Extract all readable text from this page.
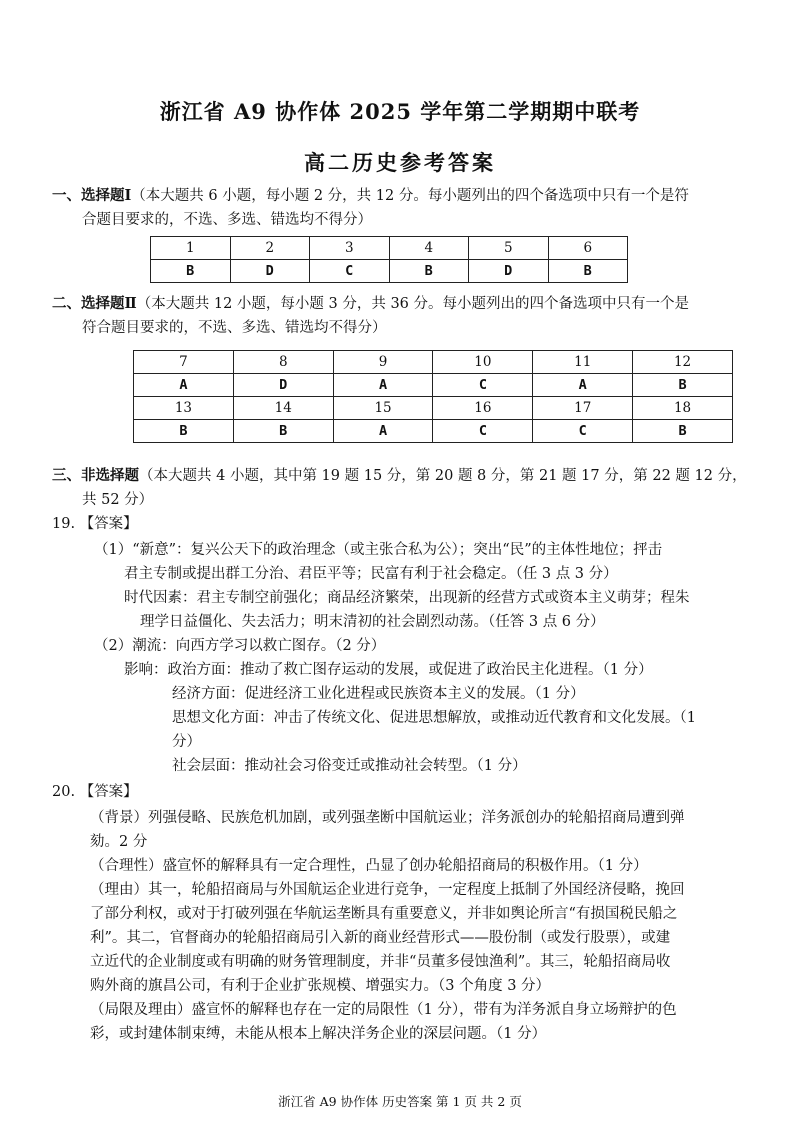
浙江省 A9 协作体 2025 学年第二学期期中联考
高二历史参考答案
一、选择题Ⅰ（本大题共 6 小题，每小题 2 分，共 12 分。每小题列出的四个备选项中只有一个是符
合题目要求的，不选、多选、错选均不得分）
1	2	3	4	5	6
B	D	C	B	D	B
二、选择题Ⅱ（本大题共 12 小题，每小题 3 分，共 36 分。每小题列出的四个备选项中只有一个是
符合题目要求的，不选、多选、错选均不得分）
7	8	9	10	11	12
A	D	A	C	A	B
13	14	15	16	17	18
B	B	A	C	C	B
三、非选择题（本大题共 4 小题，其中第 19 题 15 分，第 20 题 8 分，第 21 题 17 分，第 22 题 12 分，
共 52 分）
19. 【答案】
（1）“新意”：复兴公天下的政治理念（或主张合私为公）；突出“民”的主体性地位；抨击
君主专制或提出群工分治、君臣平等；民富有利于社会稳定。（任 3 点 3 分）
时代因素：君主专制空前强化；商品经济繁荣，出现新的经营方式或资本主义萌芽；程朱
理学日益僵化、失去活力；明末清初的社会剧烈动荡。（任答 3 点 6 分）
（2）潮流：向西方学习以救亡图存。（2 分）
影响：政治方面：推动了救亡图存运动的发展，或促进了政治民主化进程。（1 分）
经济方面：促进经济工业化进程或民族资本主义的发展。（1 分）
思想文化方面：冲击了传统文化、促进思想解放，或推动近代教育和文化发展。（1
分）
社会层面：推动社会习俗变迁或推动社会转型。（1 分）
20. 【答案】
（背景）列强侵略、民族危机加剧，或列强垄断中国航运业；洋务派创办的轮船招商局遭到弹
劾。2 分
（合理性）盛宣怀的解释具有一定合理性，凸显了创办轮船招商局的积极作用。（1 分）
（理由）其一，轮船招商局与外国航运企业进行竞争，一定程度上抵制了外国经济侵略，挽回
了部分利权，或对于打破列强在华航运垄断具有重要意义，并非如舆论所言“有损国税民船之
利”。其二，官督商办的轮船招商局引入新的商业经营形式——股份制（或发行股票），或建
立近代的企业制度或有明确的财务管理制度，并非“员董多侵蚀渔利”。其三，轮船招商局收
购外商的旗昌公司，有利于企业扩张规模、增强实力。（3 个角度 3 分）
（局限及理由）盛宣怀的解释也存在一定的局限性（1 分），带有为洋务派自身立场辩护的色
彩，或封建体制束缚，未能从根本上解决洋务企业的深层问题。（1 分）
浙江省 A9 协作体 历史答案 第 1 页 共 2 页
